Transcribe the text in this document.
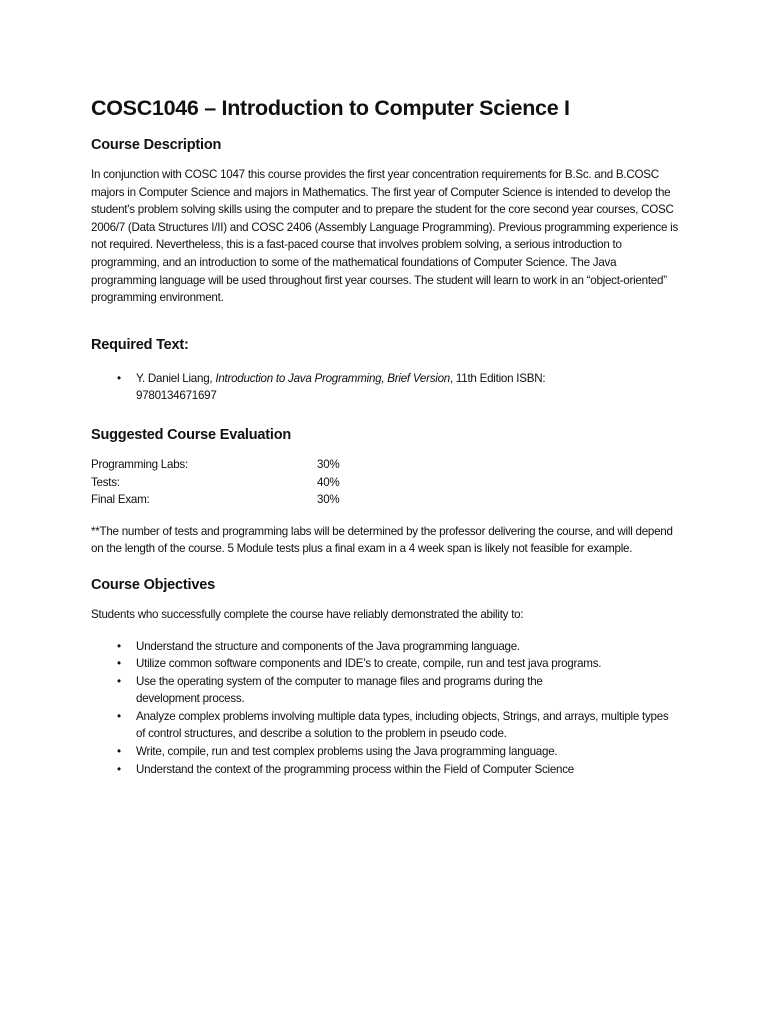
COSC1046 – Introduction to Computer Science I
Course Description

In conjunction with COSC 1047 this course provides the first year concentration requirements for B.Sc. and B.COSC majors in Computer Science and majors in Mathematics. The first year of Computer Science is intended to develop the student's problem solving skills using the computer and to prepare the student for the core second year courses, COSC 2006/7 (Data Structures I/II) and COSC 2406 (Assembly Language Programming). Previous programming experience is not required. Nevertheless, this is a fast-paced course that involves problem solving, a serious introduction to programming, and an introduction to some of the mathematical foundations of Computer Science. The Java programming language will be used throughout first year courses. The student will learn to work in an “object-oriented” programming environment.

Required Text:
• Y. Daniel Liang, Introduction to Java Programming, Brief Version, 11th Edition ISBN: 9780134671697
Suggested Course Evaluation
Programming Labs:	30%
Tests:	40%
Final Exam:	30%

**The number of tests and programming labs will be determined by the professor delivering the course, and will depend on the length of the course. 5 Module tests plus a final exam in a 4 week span is likely not feasible for example.

Course Objectives

Students who successfully complete the course have reliably demonstrated the ability to:

• Understand the structure and components of the Java programming language.
• Utilize common software components and IDE’s to create, compile, run and test java programs.
• Use the operating system of the computer to manage files and programs during the development process.
• Analyze complex problems involving multiple data types, including objects, Strings, and arrays, multiple types of control structures, and describe a solution to the problem in pseudo code.
• Write, compile, run and test complex problems using the Java programming language.
• Understand the context of the programming process within the Field of Computer Science
